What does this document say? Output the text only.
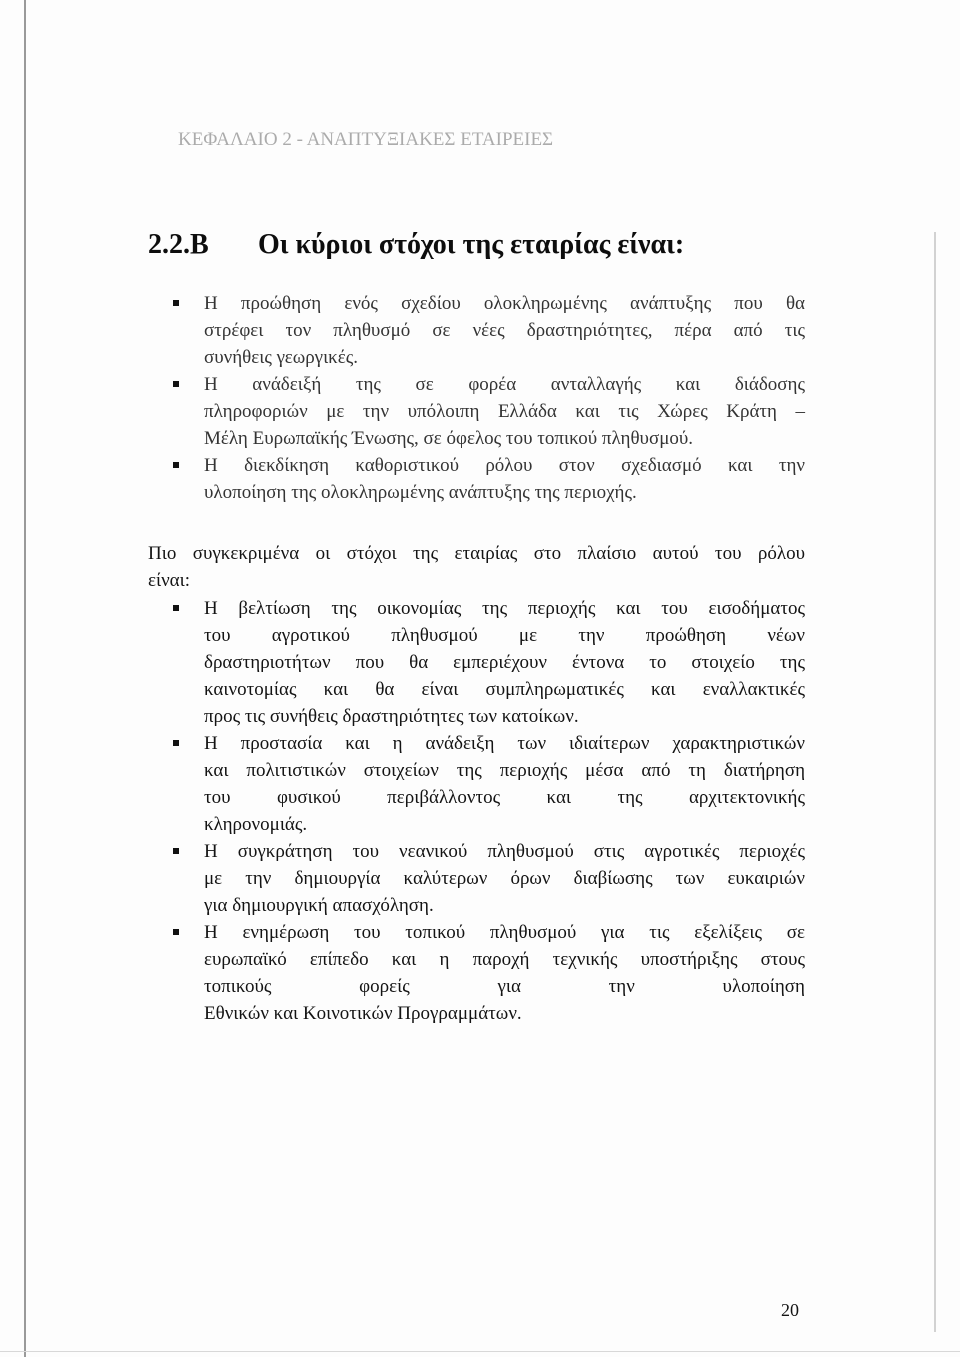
ΚΕΦΑΛΑΙΟ 2 - ΑΝΑΠΤΥΞΙΑΚΕΣ ΕΤΑΙΡΕΙΕΣ
2.2.Β Οι κύριοι στόχοι της εταιρίας είναι:
Η προώθηση ενός σχεδίου ολοκληρωμένης ανάπτυξης που θα
στρέφει τον πληθυσμό σε νέες δραστηριότητες, πέρα από τις
συνήθεις γεωργικές.
Η ανάδειξή της σε φορέα ανταλλαγής και διάδοσης
πληροφοριών με την υπόλοιπη Ελλάδα και τις Χώρες Κράτη –
Μέλη Ευρωπαϊκής Ένωσης, σε όφελος του τοπικού πληθυσμού.
Η διεκδίκηση καθοριστικού ρόλου στον σχεδιασμό και την
υλοποίηση της ολοκληρωμένης ανάπτυξης της περιοχής.
Πιο συγκεκριμένα οι στόχοι της εταιρίας στο πλαίσιο αυτού του ρόλου
είναι:
Η βελτίωση της οικονομίας της περιοχής και του εισοδήματος
του αγροτικού πληθυσμού με την προώθηση νέων
δραστηριοτήτων που θα εμπεριέχουν έντονα το στοιχείο της
καινοτομίας και θα είναι συμπληρωματικές και εναλλακτικές
προς τις συνήθεις δραστηριότητες των κατοίκων.
Η προστασία και η ανάδειξη των ιδιαίτερων χαρακτηριστικών
και πολιτιστικών στοιχείων της περιοχής μέσα από τη διατήρηση
του φυσικού περιβάλλοντος και της αρχιτεκτονικής
κληρονομιάς.
Η συγκράτηση του νεανικού πληθυσμού στις αγροτικές περιοχές
με την δημιουργία καλύτερων όρων διαβίωσης των ευκαιριών
για δημιουργική απασχόληση.
Η ενημέρωση του τοπικού πληθυσμού για τις εξελίξεις σε
ευρωπαϊκό επίπεδο και η παροχή τεχνικής υποστήριξης στους
τοπικούς φορείς για την υλοποίηση
Εθνικών και Κοινοτικών Προγραμμάτων.
20
